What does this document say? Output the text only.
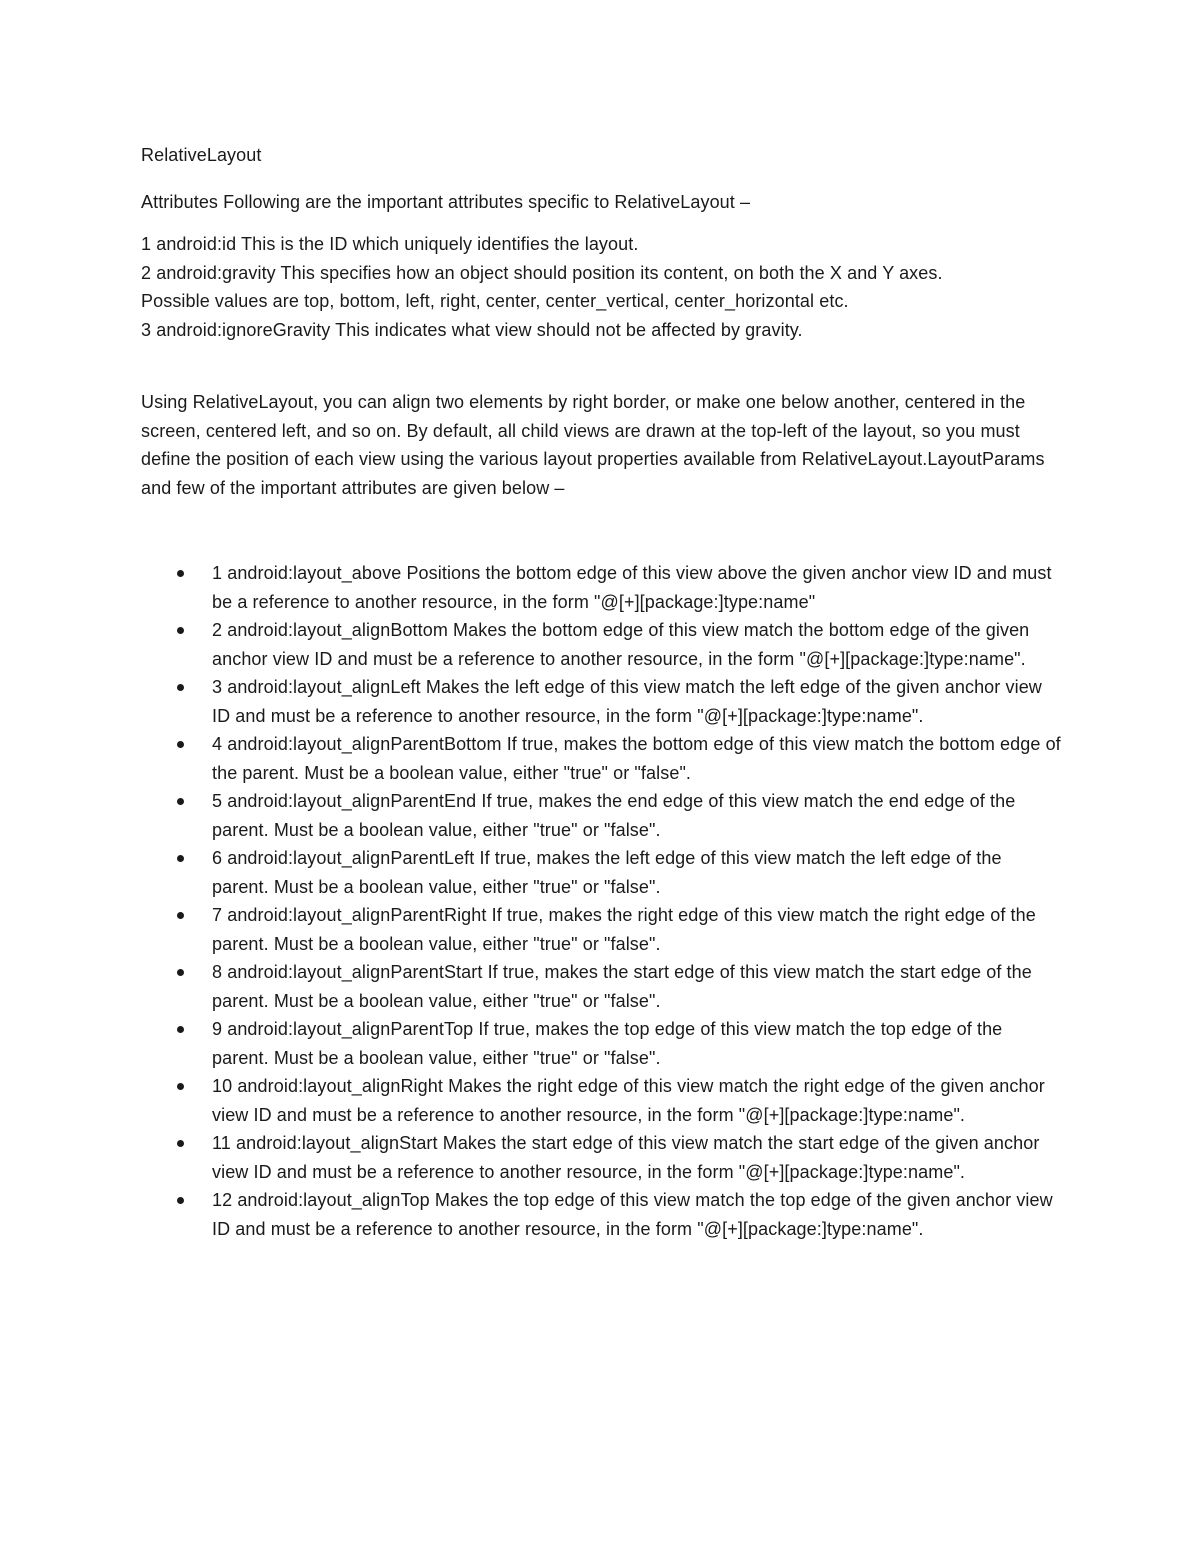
RelativeLayout

Attributes Following are the important attributes specific to RelativeLayout –

1 android:id This is the ID which uniquely identifies the layout.

2 android:gravity This specifies how an object should position its content, on both the X and Y axes.

Possible values are top, bottom, left, right, center, center_vertical, center_horizontal etc.

3 android:ignoreGravity This indicates what view should not be affected by gravity.

Using RelativeLayout, you can align two elements by right border, or make one below another, centered in the screen, centered left, and so on. By default, all child views are drawn at the top-left of the layout, so you must define the position of each view using the various layout properties available from RelativeLayout.LayoutParams and few of the important attributes are given below –

1 android:layout_above Positions the bottom edge of this view above the given anchor view ID and must be a reference to another resource, in the form "@[+][package:]type:name"
2 android:layout_alignBottom Makes the bottom edge of this view match the bottom edge of the given anchor view ID and must be a reference to another resource, in the form "@[+][package:]type:name".
3 android:layout_alignLeft Makes the left edge of this view match the left edge of the given anchor view ID and must be a reference to another resource, in the form "@[+][package:]type:name".
4 android:layout_alignParentBottom If true, makes the bottom edge of this view match the bottom edge of the parent. Must be a boolean value, either "true" or "false".
5 android:layout_alignParentEnd If true, makes the end edge of this view match the end edge of the parent. Must be a boolean value, either "true" or "false".
6 android:layout_alignParentLeft If true, makes the left edge of this view match the left edge of the parent. Must be a boolean value, either "true" or "false".
7 android:layout_alignParentRight If true, makes the right edge of this view match the right edge of the parent. Must be a boolean value, either "true" or "false".
8 android:layout_alignParentStart If true, makes the start edge of this view match the start edge of the parent. Must be a boolean value, either "true" or "false".
9 android:layout_alignParentTop If true, makes the top edge of this view match the top edge of the parent. Must be a boolean value, either "true" or "false".
10 android:layout_alignRight Makes the right edge of this view match the right edge of the given anchor view ID and must be a reference to another resource, in the form "@[+][package:]type:name".
11 android:layout_alignStart Makes the start edge of this view match the start edge of the given anchor view ID and must be a reference to another resource, in the form "@[+][package:]type:name".
12 android:layout_alignTop Makes the top edge of this view match the top edge of the given anchor view ID and must be a reference to another resource, in the form "@[+][package:]type:name".
